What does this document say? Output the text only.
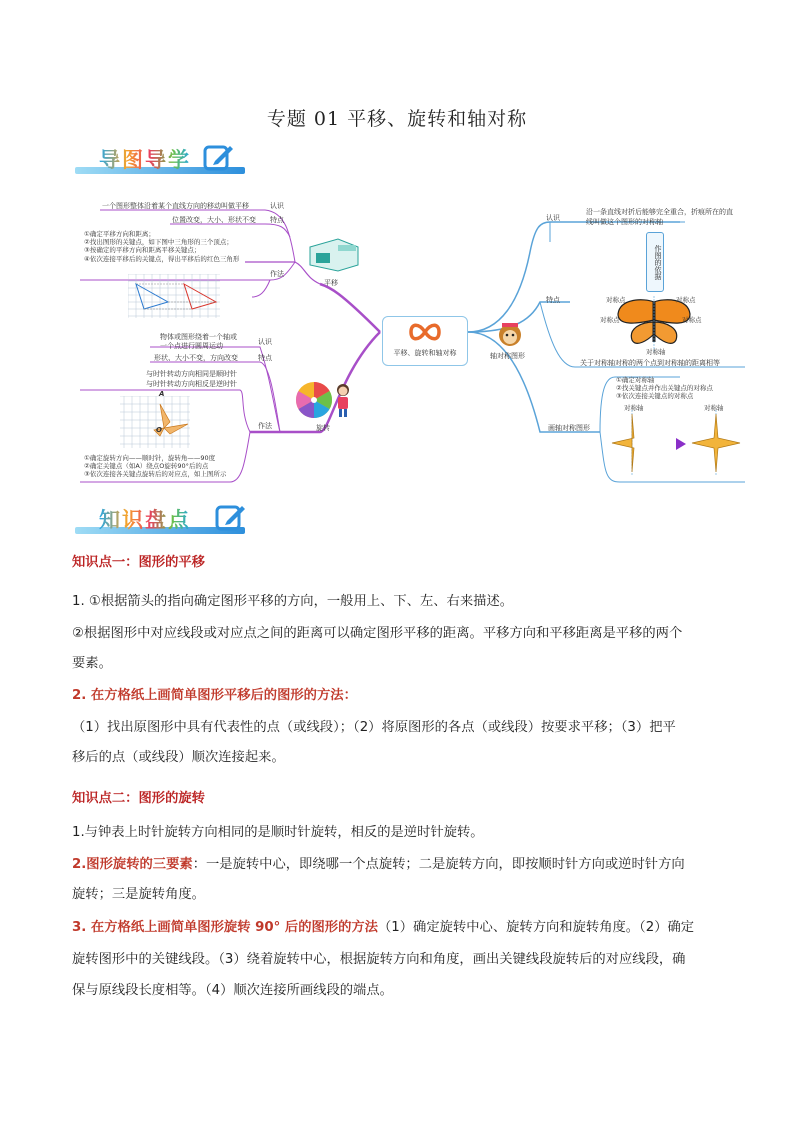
专题 01 平移、旋转和轴对称
导图导学
平移、旋转和轴对称
平移
认识
一个图形整体沿着某个直线方向的移动叫做平移
特点
位置改变，大小、形状不变
作法
①确定平移方向和距离；
②找出图形的关键点，如下图中三角形的三个顶点；
③按确定的平移方向和距离平移关键点；
④依次连接平移后的关键点，得出平移后的红色三角形
旋转
物体或图形绕着一个轴或
一个点进行圆周运动	认识
形状、大小不变，方向改变	特点
作法
与时针转动方向相同是顺时针
与时针转动方向相反是逆时针
A
O
①确定旋转方向——顺时针，旋转角——90度
②确定关键点（如A）绕点O旋转90°后的点
③依次连接各关键点旋转后的对应点，如上图所示
轴对称图形
认识
沿一条直线对折后能够完全重合，折痕所在的直
线叫做这个图形的对称轴
特点
作图的依据
对称点	对称点
对称点	对称点
对称轴
关于对称轴对称的两个点到对称轴的距离相等
画轴对称图形
①确定对称轴
②找关键点并作出关键点的对称点
③依次连接关键点的对称点
对称轴	对称轴
知识盘点
知识点一：图形的平移
1. ①根据箭头的指向确定图形平移的方向，一般用上、下、左、右来描述。
②根据图形中对应线段或对应点之间的距离可以确定图形平移的距离。平移方向和平移距离是平移的两个
要素。
2. 在方格纸上画简单图形平移后的图形的方法：
（1）找出原图形中具有代表性的点（或线段）；（2）将原图形的各点（或线段）按要求平移；（3）把平
移后的点（或线段）顺次连接起来。
知识点二：图形的旋转
1.与钟表上时针旋转方向相同的是顺时针旋转，相反的是逆时针旋转。
2.图形旋转的三要素：一是旋转中心，即绕哪一个点旋转；二是旋转方向，即按顺时针方向或逆时针方向
旋转；三是旋转角度。
3. 在方格纸上画简单图形旋转 90° 后的图形的方法（1）确定旋转中心、旋转方向和旋转角度。（2）确定
旋转图形中的关键线段。（3）绕着旋转中心，根据旋转方向和角度，画出关键线段旋转后的对应线段，确
保与原线段长度相等。（4）顺次连接所画线段的端点。
